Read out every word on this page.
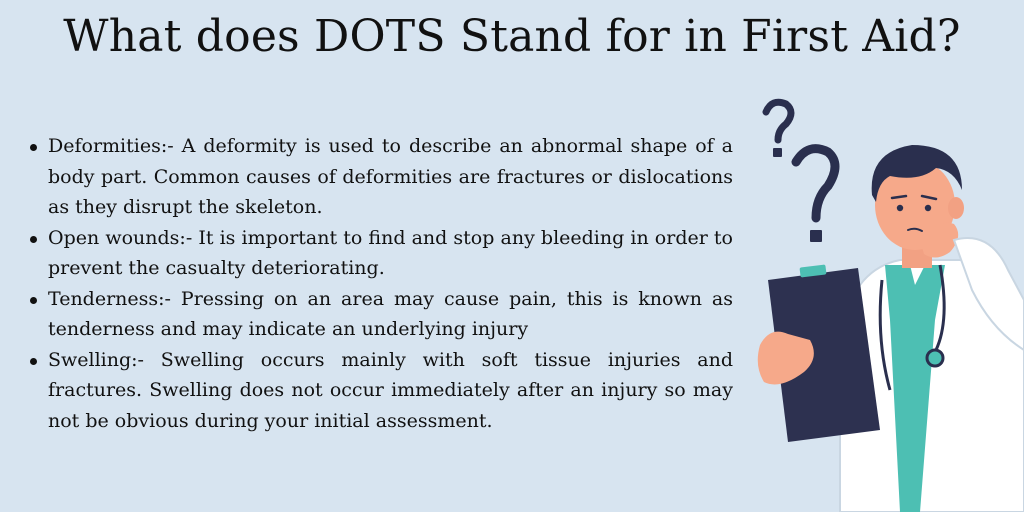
What does DOTS Stand for in First Aid?
Deformities:- A deformity is used to describe an abnormal shape of a body part. Common causes of deformities are fractures or dislocations as they disrupt the skeleton.
Open wounds:- It is important to find and stop any bleeding in order to prevent the casualty deteriorating.
Tenderness:- Pressing on an area may cause pain, this is known as tenderness and may indicate an underlying injury
Swelling:- Swelling occurs mainly with soft tissue injuries and fractures. Swelling does not occur immediately after an injury so may not be obvious during your initial assessment.
